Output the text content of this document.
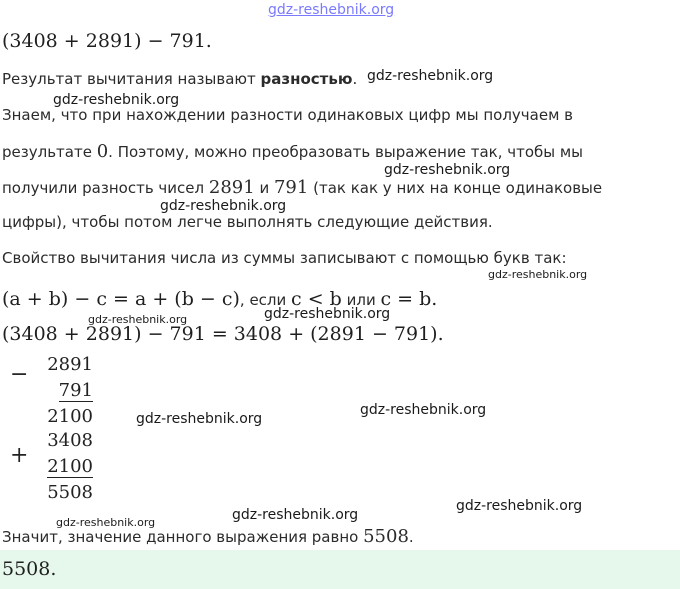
gdz-reshebnik.org
(3408 + 2891) − 791.
Результат вычитания называют разностью. gdz-reshebnik.org
gdz-reshebnik.org
Знаем, что при нахождении разности одинаковых цифр мы получаем в
результате 0. Поэтому, можно преобразовать выражение так, чтобы мы
gdz-reshebnik.org
получили разность чисел 2891 и 791 (так как у них на конце одинаковые
gdz-reshebnik.org
цифры), чтобы потом легче выполнять следующие действия.
Свойство вычитания числа из суммы записывают с помощью букв так:
gdz-reshebnik.org
(a + b) − c = a + (b − c), если c < b или c = b.
gdz-reshebnik.org	gdz-reshebnik.org
(3408 + 2891) − 791 = 3408 + (2891 − 791).
−	2891
791
2100	gdz-reshebnik.org
gdz-reshebnik.org
3408
+	2100
5508
gdz-reshebnik.org
gdz-reshebnik.org	gdz-reshebnik.org
Значит, значение данного выражения равно 5508.
5508.
